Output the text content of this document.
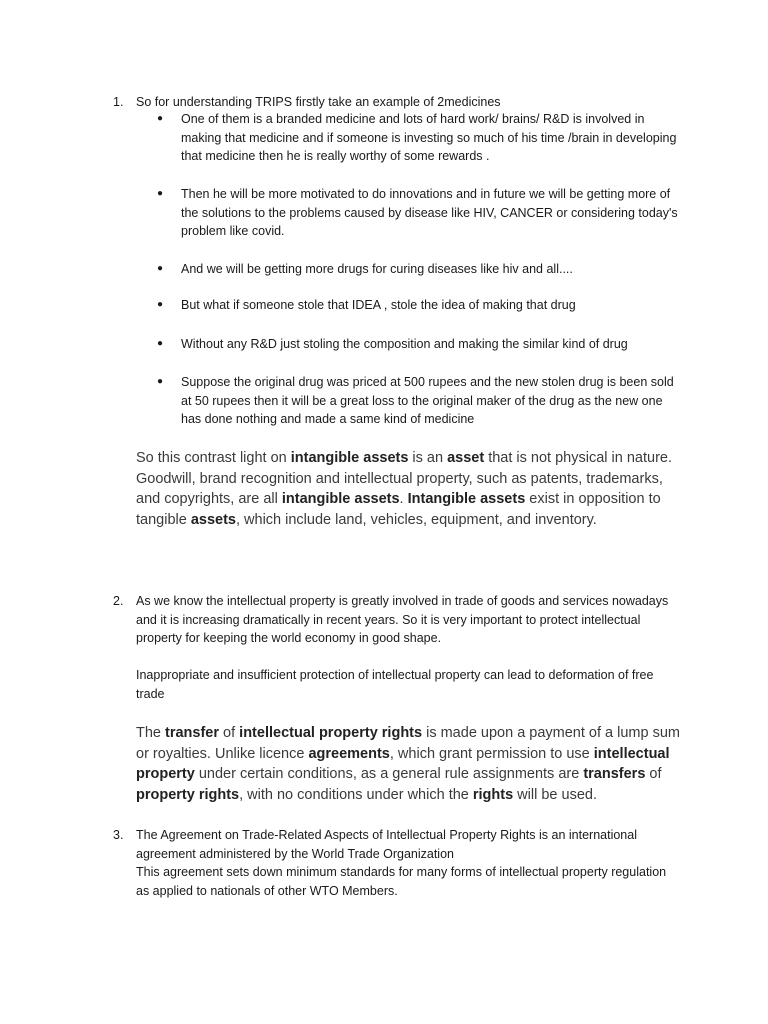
1. So for understanding TRIPS firstly take an example of 2medicines
● One of them is a branded medicine and lots of hard work/ brains/ R&D is involved in making that medicine and if someone is investing so much of his time /brain in developing that medicine then he is really worthy of some rewards .
● Then he will be more motivated to do innovations and in future we will be getting more of the solutions to the problems caused by disease like HIV, CANCER or considering today's problem like covid.
● And we will be getting more drugs for curing diseases like hiv and all....
● But what if someone stole that IDEA , stole the idea of making that drug
● Without any R&D just stoling the composition and making the similar kind of drug
● Suppose the original drug was priced at 500 rupees and the new stolen drug is been sold at 50 rupees then it will be a great loss to the original maker of the drug as the new one has done nothing and made a same kind of medicine
So this contrast light on intangible assets is an asset that is not physical in nature. Goodwill, brand recognition and intellectual property, such as patents, trademarks, and copyrights, are all intangible assets. Intangible assets exist in opposition to tangible assets, which include land, vehicles, equipment, and inventory.
2. As we know the intellectual property is greatly involved in trade of goods and services nowadays and it is increasing dramatically in recent years. So it is very important to protect intellectual property for keeping the world economy in good shape.
Inappropriate and insufficient protection of intellectual property can lead to deformation of free trade
The transfer of intellectual property rights is made upon a payment of a lump sum or royalties. Unlike licence agreements, which grant permission to use intellectual property under certain conditions, as a general rule assignments are transfers of property rights, with no conditions under which the rights will be used.
3. The Agreement on Trade-Related Aspects of Intellectual Property Rights is an international agreement administered by the World Trade Organization
This agreement sets down minimum standards for many forms of intellectual property regulation as applied to nationals of other WTO Members.
